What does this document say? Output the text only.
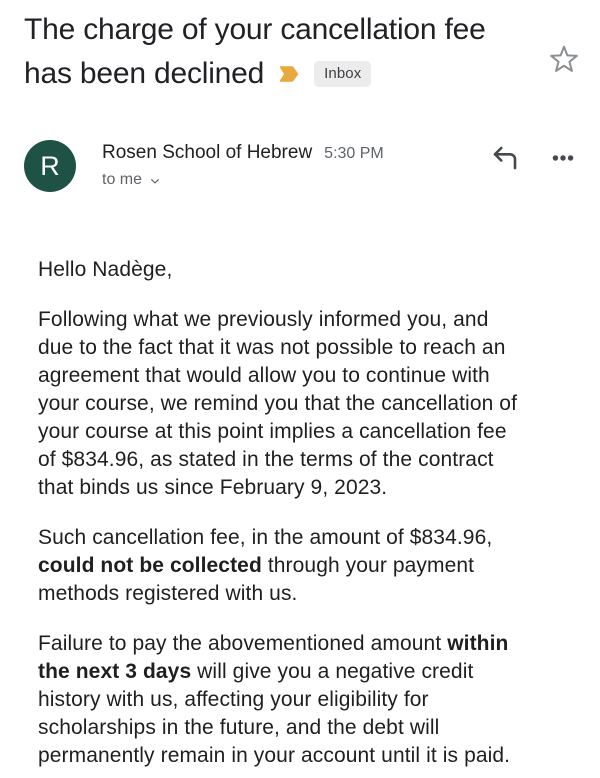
The charge of your cancellation fee has been declined	Inbox
R Rosen School of Hebrew 5:30 PM
to me

Hello Nadège,

Following what we previously informed you, and
due to the fact that it was not possible to reach an
agreement that would allow you to continue with
your course, we remind you that the cancellation of
your course at this point implies a cancellation fee
of $834.96, as stated in the terms of the contract
that binds us since February 9, 2023.

Such cancellation fee, in the amount of $834.96,
could not be collected through your payment
methods registered with us.

Failure to pay the abovementioned amount within
the next 3 days will give you a negative credit
history with us, affecting your eligibility for
scholarships in the future, and the debt will
permanently remain in your account until it is paid.
